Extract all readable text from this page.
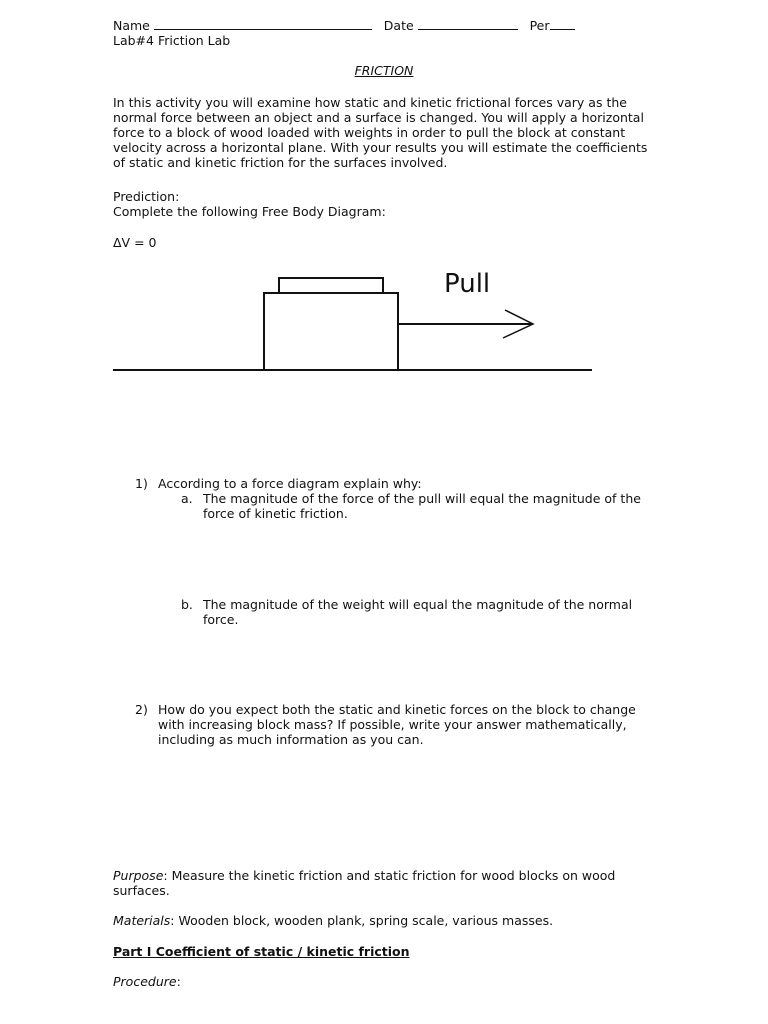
Name	Date	Per
Lab#4 Friction Lab
FRICTION
In this activity you will examine how static and kinetic frictional forces vary as the normal force between an object and a surface is changed. You will apply a horizontal force to a block of wood loaded with weights in order to pull the block at constant velocity across a horizontal plane. With your results you will estimate the coefficients of static and kinetic friction for the surfaces involved.
Prediction:
Complete the following Free Body Diagram:
ΔV = 0
Pull
1) According to a force diagram explain why:
a. The magnitude of the force of the pull will equal the magnitude of the force of kinetic friction.
b. The magnitude of the weight will equal the magnitude of the normal force.
2) How do you expect both the static and kinetic forces on the block to change with increasing block mass? If possible, write your answer mathematically, including as much information as you can.
Purpose: Measure the kinetic friction and static friction for wood blocks on wood surfaces.
Materials: Wooden block, wooden plank, spring scale, various masses.
Part I Coefficient of static / kinetic friction
Procedure:
